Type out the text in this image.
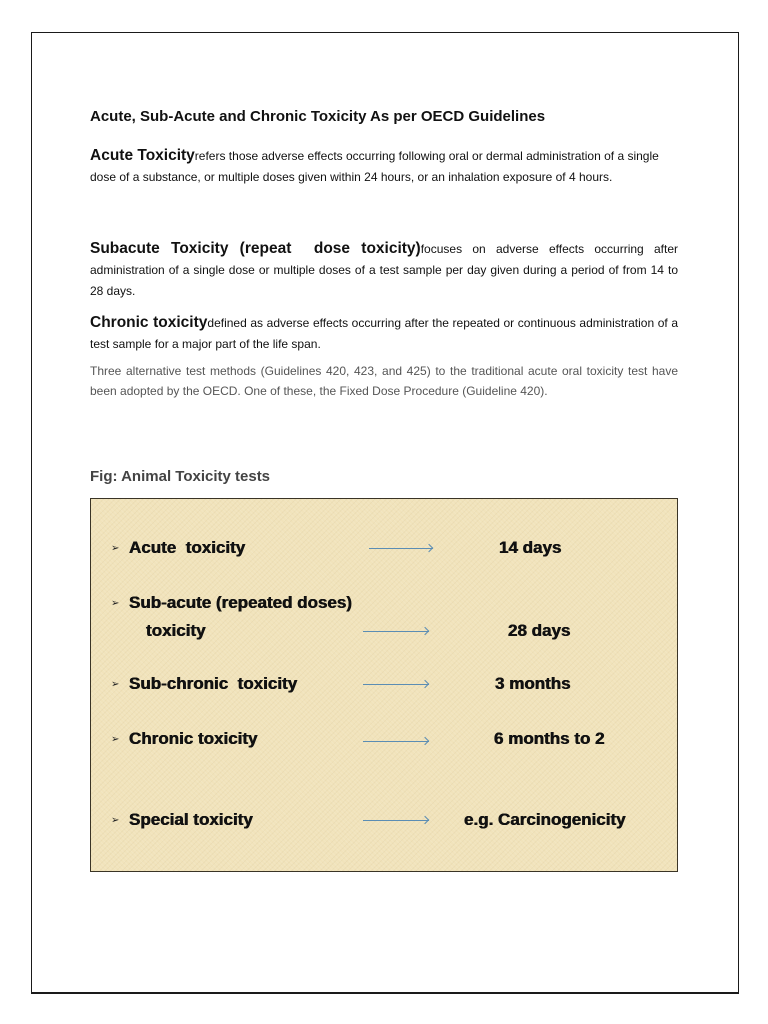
Acute, Sub-Acute and Chronic Toxicity As per OECD Guidelines

Acute Toxicityrefers those adverse effects occurring following oral or dermal administration of a single dose of a substance, or multiple doses given within 24 hours, or an inhalation exposure of 4 hours.

Subacute Toxicity (repeat  dose toxicity)focuses on adverse effects occurring after administration of a single dose or multiple doses of a test sample per day given during a period of from 14 to 28 days.

Chronic toxicitydefined as adverse effects occurring after the repeated or continuous administration of a test sample for a major part of the life span.

Three alternative test methods (Guidelines 420, 423, and 425) to the traditional acute oral toxicity test have been adopted by the OECD. One of these, the Fixed Dose Procedure (Guideline 420).

Fig: Animal Toxicity tests
➢
Acute  toxicity	14 days
➢
Sub-acute (repeated doses)
toxicity	28 days
➢
Sub-chronic  toxicity	3 months
➢
Chronic toxicity	6 months to 2
➢
Special toxicity	e.g. Carcinogenicity
